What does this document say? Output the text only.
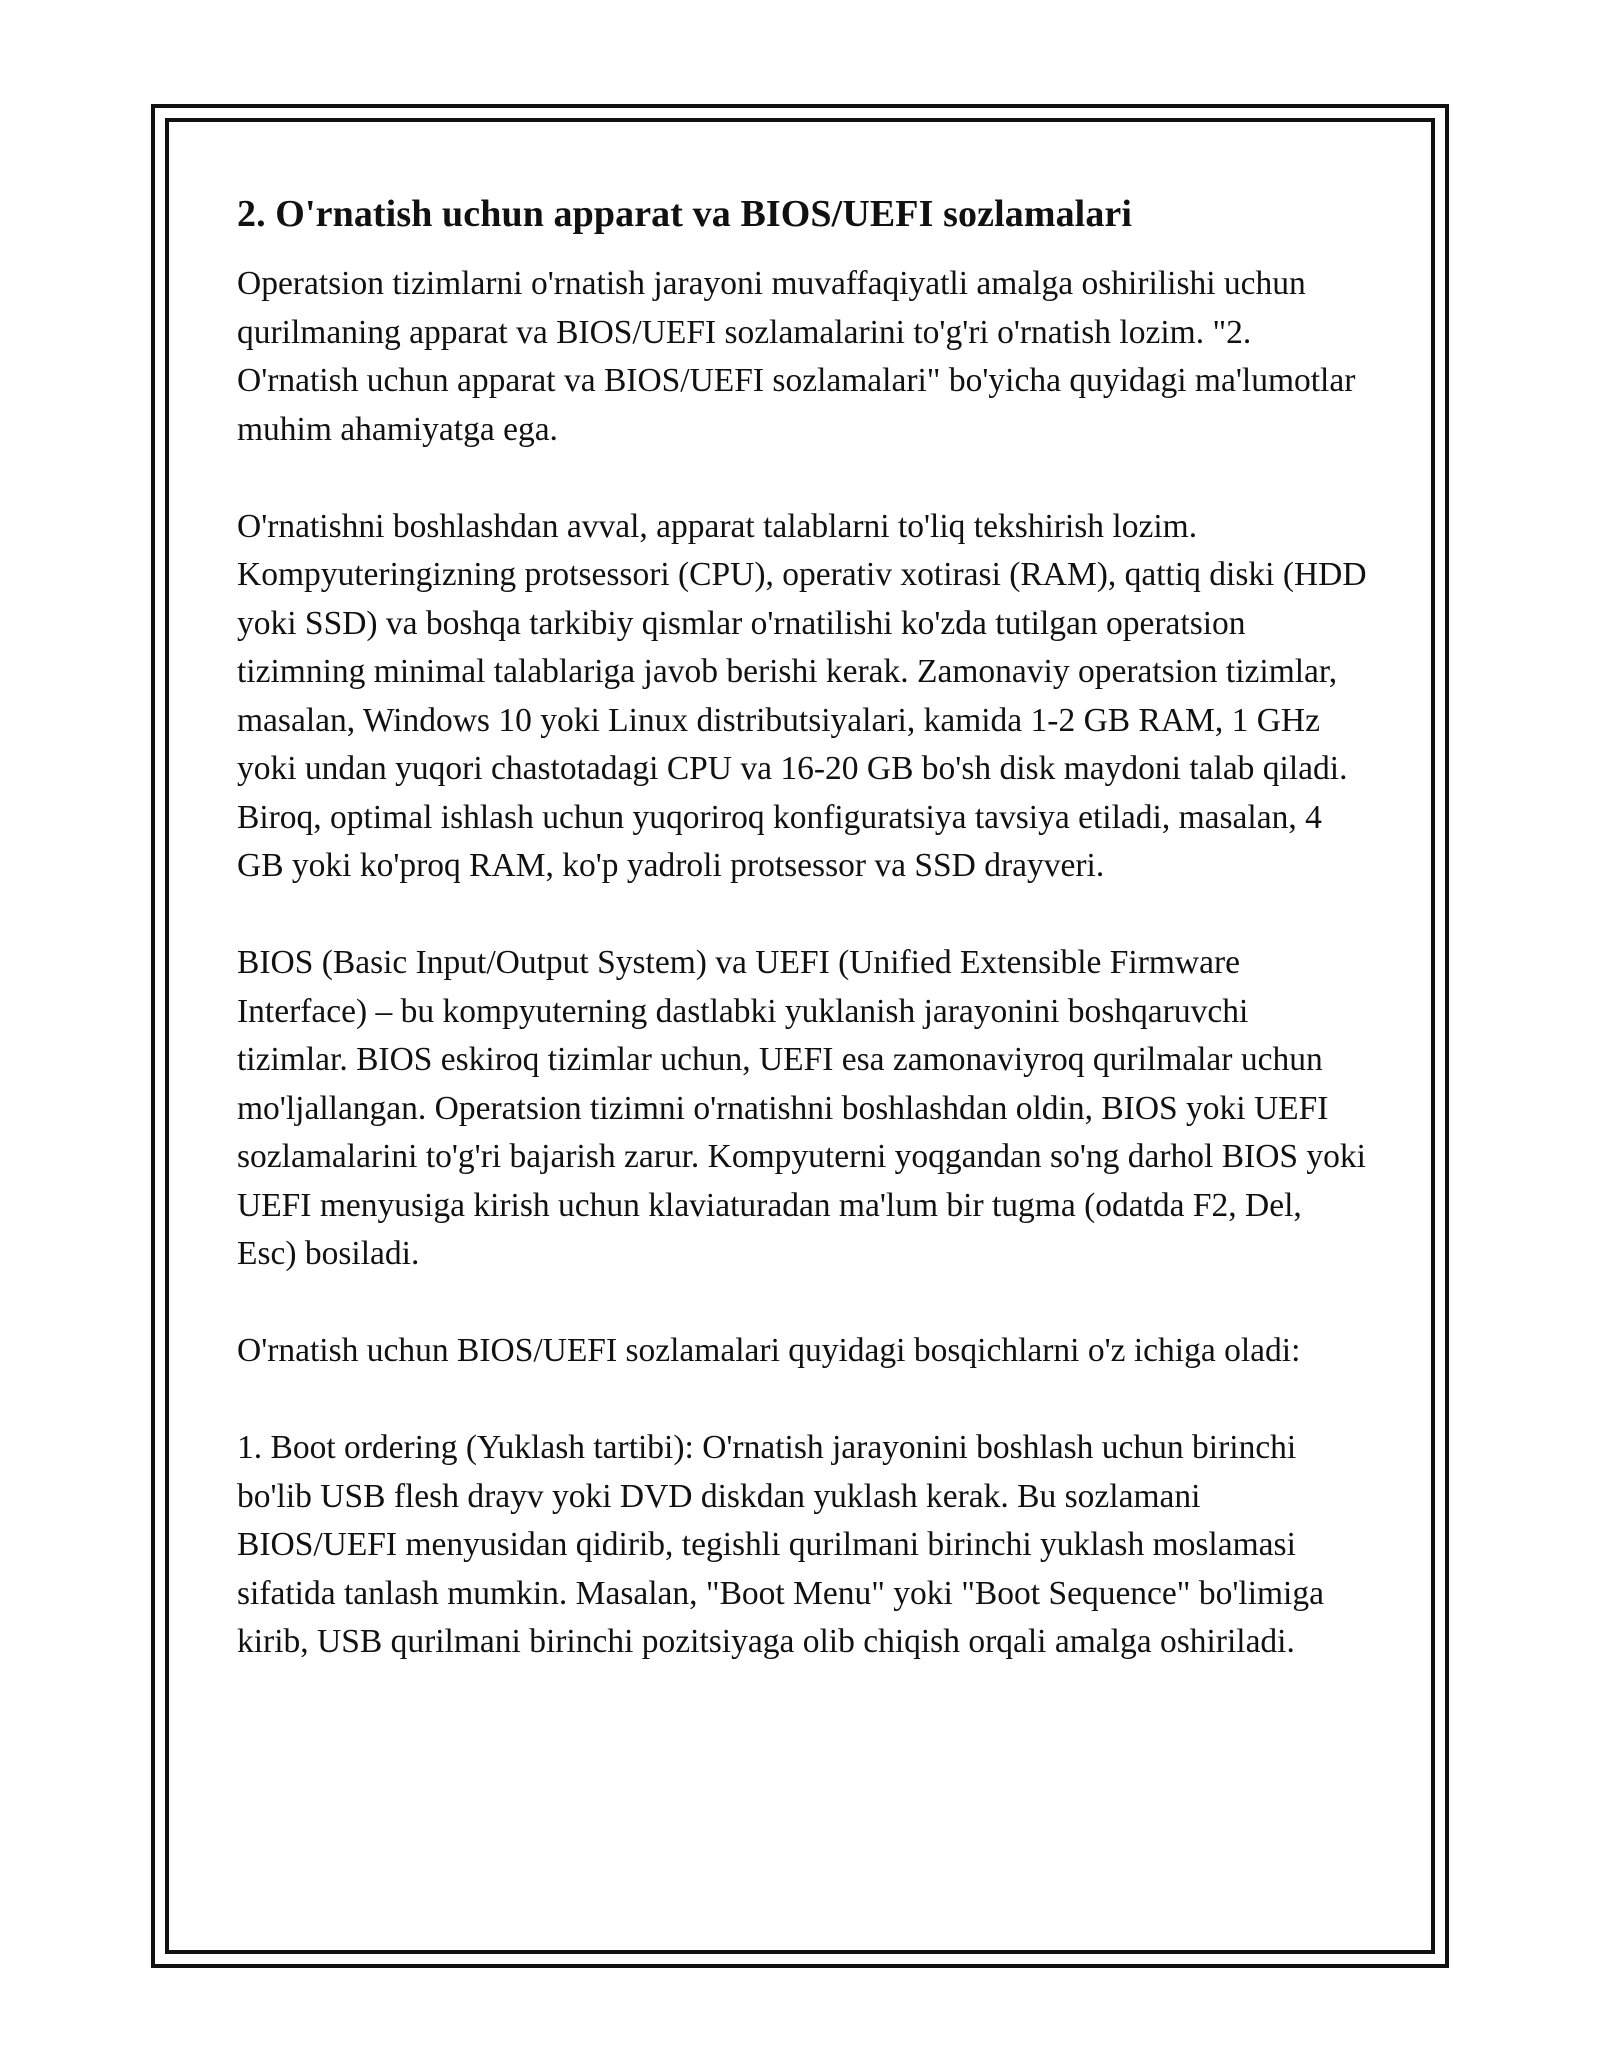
2. O'rnatish uchun apparat va BIOS/UEFI sozlamalari

Operatsion tizimlarni o'rnatish jarayoni muvaffaqiyatli amalga oshirilishi uchun qurilmaning apparat va BIOS/UEFI sozlamalarini to'g'ri o'rnatish lozim. "2. O'rnatish uchun apparat va BIOS/UEFI sozlamalari" bo'yicha quyidagi ma'lumotlar muhim ahamiyatga ega.

O'rnatishni boshlashdan avval, apparat talablarni to'liq tekshirish lozim. Kompyuteringizning protsessori (CPU), operativ xotirasi (RAM), qattiq diski (HDD yoki SSD) va boshqa tarkibiy qismlar o'rnatilishi ko'zda tutilgan operatsion tizimning minimal talablariga javob berishi kerak. Zamonaviy operatsion tizimlar, masalan, Windows 10 yoki Linux distributsiyalari, kamida 1-2 GB RAM, 1 GHz yoki undan yuqori chastotadagi CPU va 16-20 GB bo'sh disk maydoni talab qiladi. Biroq, optimal ishlash uchun yuqoriroq konfiguratsiya tavsiya etiladi, masalan, 4 GB yoki ko'proq RAM, ko'p yadroli protsessor va SSD drayveri.

BIOS (Basic Input/Output System) va UEFI (Unified Extensible Firmware Interface) – bu kompyuterning dastlabki yuklanish jarayonini boshqaruvchi tizimlar. BIOS eskiroq tizimlar uchun, UEFI esa zamonaviyroq qurilmalar uchun mo'ljallangan. Operatsion tizimni o'rnatishni boshlashdan oldin, BIOS yoki UEFI sozlamalarini to'g'ri bajarish zarur. Kompyuterni yoqgandan so'ng darhol BIOS yoki UEFI menyusiga kirish uchun klaviaturadan ma'lum bir tugma (odatda F2, Del, Esc) bosiladi.

O'rnatish uchun BIOS/UEFI sozlamalari quyidagi bosqichlarni o'z ichiga oladi:

1. Boot ordering (Yuklash tartibi): O'rnatish jarayonini boshlash uchun birinchi bo'lib USB flesh drayv yoki DVD diskdan yuklash kerak. Bu sozlamani BIOS/UEFI menyusidan qidirib, tegishli qurilmani birinchi yuklash moslamasi sifatida tanlash mumkin. Masalan, "Boot Menu" yoki "Boot Sequence" bo'limiga kirib, USB qurilmani birinchi pozitsiyaga olib chiqish orqali amalga oshiriladi.
